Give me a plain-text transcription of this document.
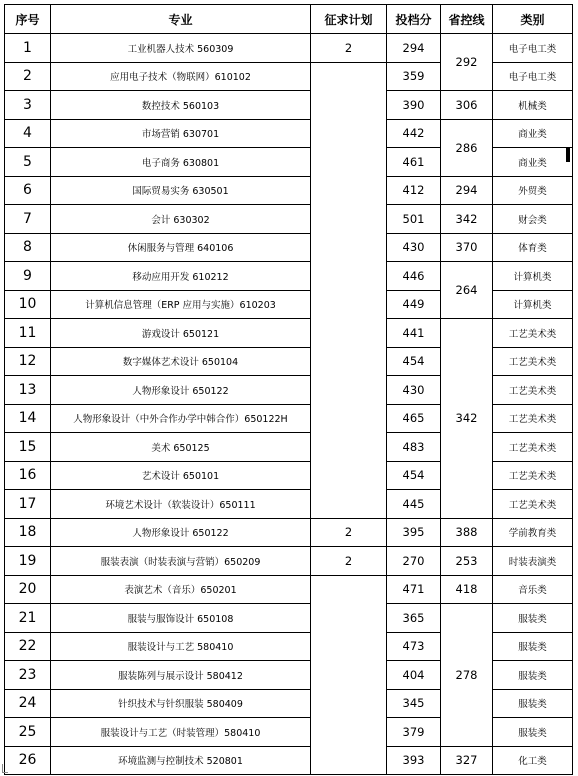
序号	专业	征求计划	投档分	省控线	类别
1	工业机器人技术 560309	2	294	292	电子电工类
2	应用电子技术（物联网）610102		359		电子电工类
3	数控技术 560103		390	306	机械类
4	市场营销 630701		442	286	商业类
5	电子商务 630801		461		商业类
6	国际贸易实务 630501		412	294	外贸类
7	会计 630302		501	342	财会类
8	休闲服务与管理 640106		430	370	体育类
9	移动应用开发 610212		446	264	计算机类
10	计算机信息管理（ERP 应用与实施）610203		449		计算机类
11	游戏设计 650121		441	342	工艺美术类
12	数字媒体艺术设计 650104		454		工艺美术类
13	人物形象设计 650122		430		工艺美术类
14	人物形象设计（中外合作办学中韩合作）650122H		465		工艺美术类
15	美术 650125		483		工艺美术类
16	艺术设计 650101		454		工艺美术类
17	环境艺术设计（软装设计）650111		445		工艺美术类
18	人物形象设计 650122	2	395	388	学前教育类
19	服装表演（时装表演与营销）650209	2	270	253	时装表演类
20	表演艺术（音乐）650201		471	418	音乐类
21	服装与服饰设计 650108		365	278	服装类
22	服装设计与工艺 580410		473		服装类
23	服装陈列与展示设计 580412		404		服装类
24	针织技术与针织服装 580409		345		服装类
25	服装设计与工艺（时装管理）580410		379		服装类
26	环境监测与控制技术 520801		393	327	化工类
